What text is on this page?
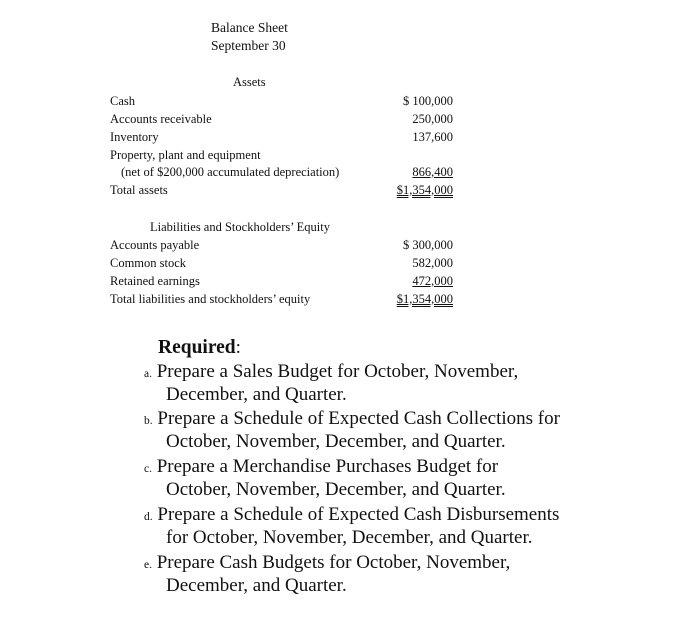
Balance Sheet
September 30
Assets
Cash	$ 100,000
Accounts receivable	250,000
Inventory	137,600
Property, plant and equipment
(net of $200,000 accumulated depreciation)	866,400
Total assets	$1,354,000
Liabilities and Stockholders’ Equity
Accounts payable	$ 300,000
Common stock	582,000
Retained earnings	472,000
Total liabilities and stockholders’ equity	$1,354,000
Required:
a. Prepare a Sales Budget for October, November,
December, and Quarter.
b. Prepare a Schedule of Expected Cash Collections for
October, November, December, and Quarter.
c. Prepare a Merchandise Purchases Budget for
October, November, December, and Quarter.
d. Prepare a Schedule of Expected Cash Disbursements
for October, November, December, and Quarter.
e. Prepare Cash Budgets for October, November,
December, and Quarter.
